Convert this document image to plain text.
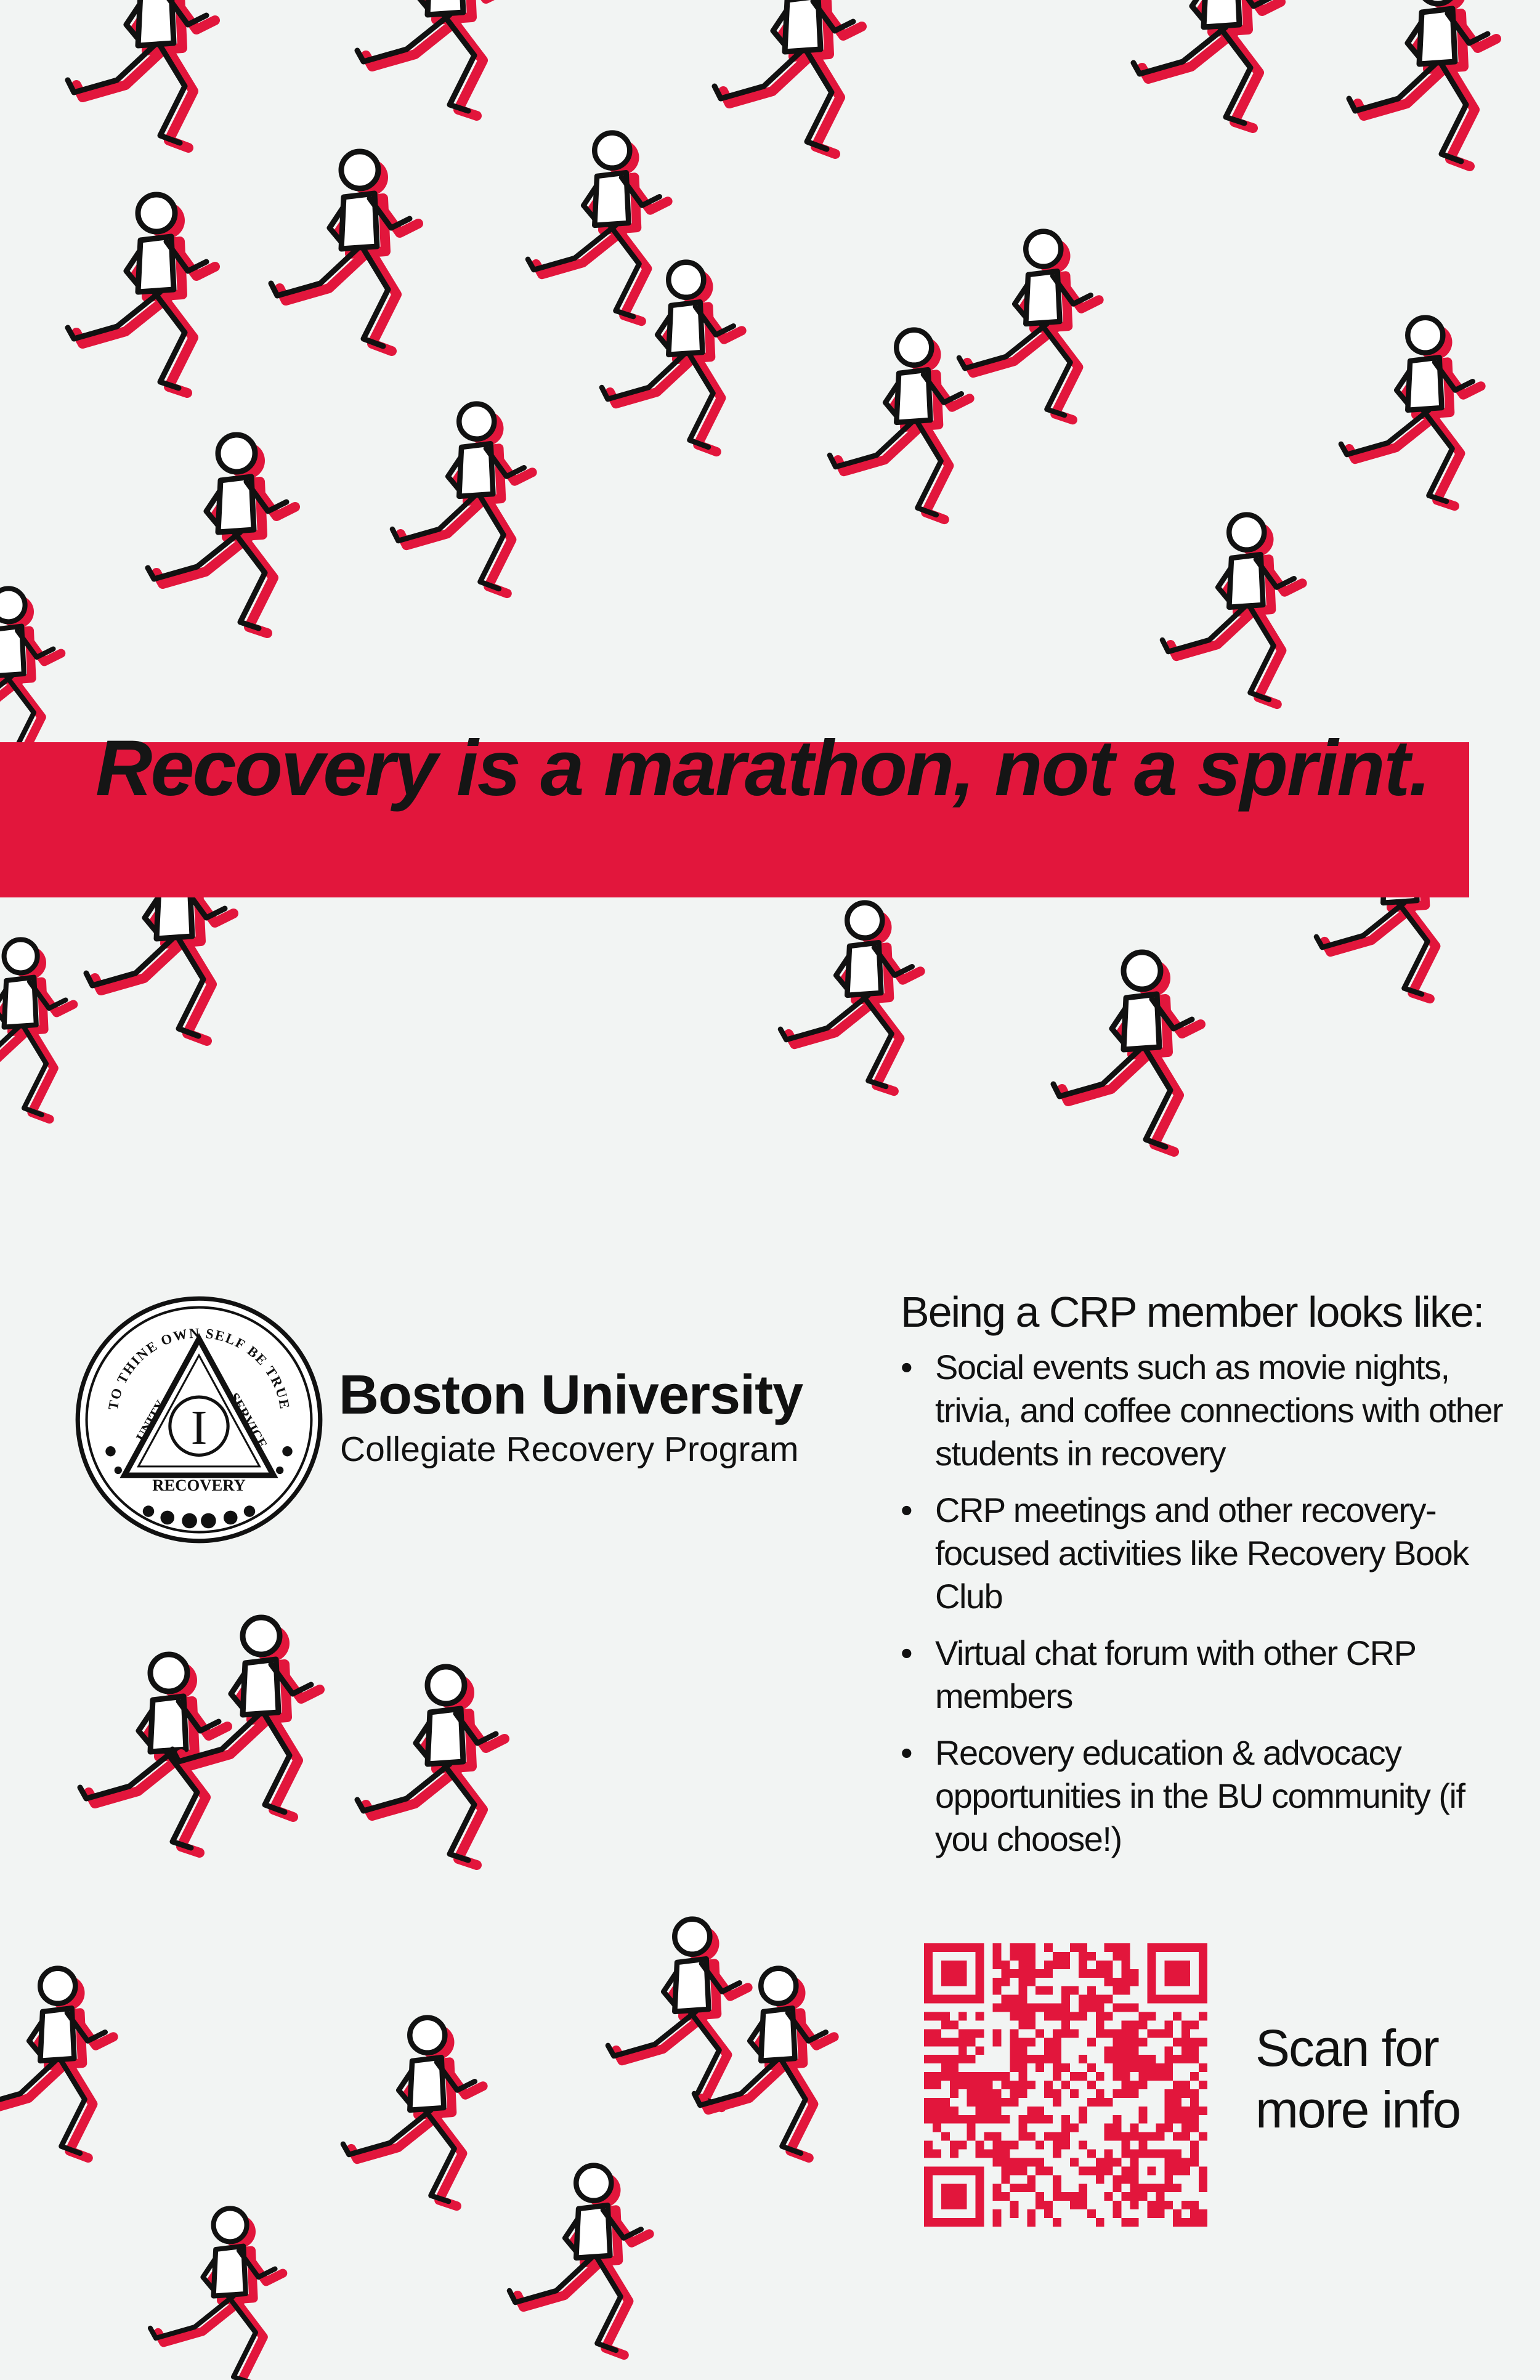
Recovery is a marathon, not a sprint.
TO THINE OWN SELF BE TRUE
UNITY	SERVICE
I
RECOVERY
Boston University
Collegiate Recovery Program
Being a CRP member looks like:
• Social events such as movie nights, trivia, and coffee connections with other students in recovery
• CRP meetings and other recovery-focused activities like Recovery Book Club
• Virtual chat forum with other CRP members
• Recovery education & advocacy opportunities in the BU community (if you choose!)
Scan for more info
